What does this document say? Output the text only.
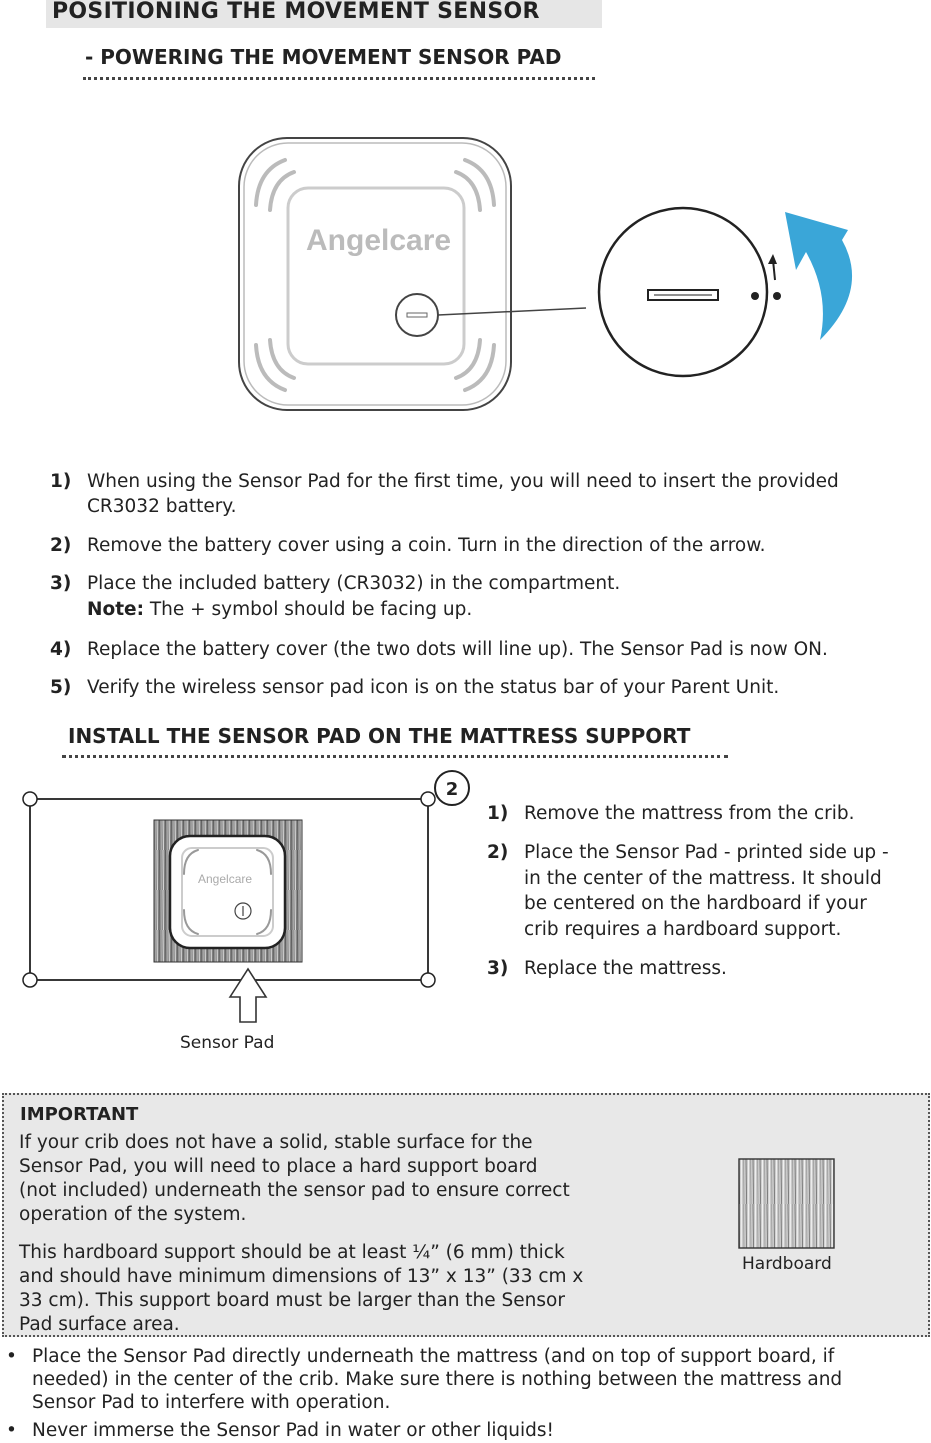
POSITIONING THE MOVEMENT SENSOR
- POWERING THE MOVEMENT SENSOR PAD
Angelcare
1) When using the Sensor Pad for the first time, you will need to insert the provided
CR3032 battery.
2) Remove the battery cover using a coin. Turn in the direction of the arrow.
3) Place the included battery (CR3032) in the compartment.
Note: The + symbol should be facing up.
4) Replace the battery cover (the two dots will line up). The Sensor Pad is now ON.
5) Verify the wireless sensor pad icon is on the status bar of your Parent Unit.
INSTALL THE SENSOR PAD ON THE MATTRESS SUPPORT
2
Angelcare
Sensor Pad
1) Remove the mattress from the crib.
2) Place the Sensor Pad - printed side up -
in the center of the mattress. It should
be centered on the hardboard if your
crib requires a hardboard support.
3) Replace the mattress.
IMPORTANT
If your crib does not have a solid, stable surface for the
Sensor Pad, you will need to place a hard support board
(not included) underneath the sensor pad to ensure correct
operation of the system.
This hardboard support should be at least ¼” (6 mm) thick
and should have minimum dimensions of 13” x 13” (33 cm x
33 cm). This support board must be larger than the Sensor
Pad surface area.
Hardboard
• Place the Sensor Pad directly underneath the mattress (and on top of support board, if
needed) in the center of the crib. Make sure there is nothing between the mattress and
Sensor Pad to interfere with operation.
• Never immerse the Sensor Pad in water or other liquids!
